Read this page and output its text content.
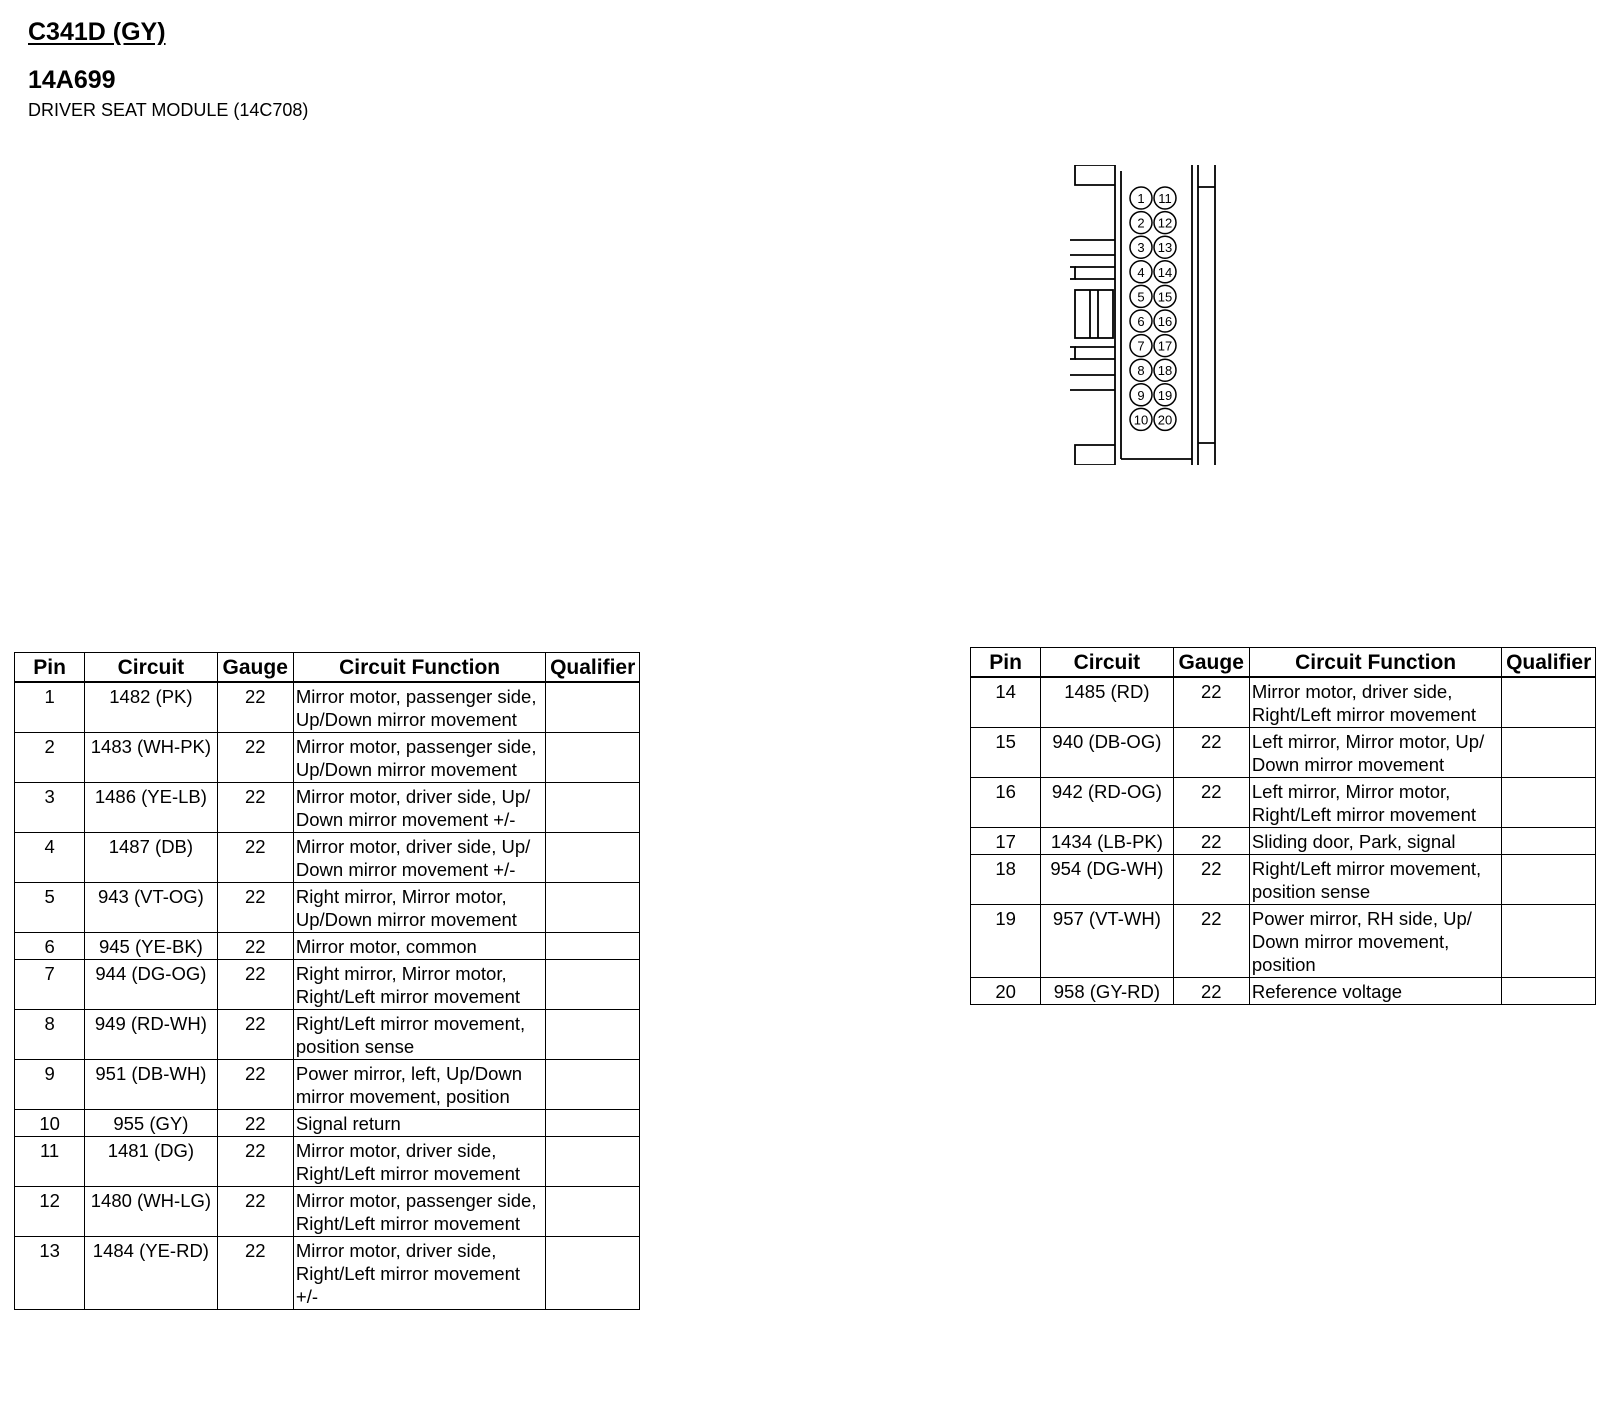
C341D (GY)
14A699
DRIVER SEAT MODULE (14C708)
1
2
3
4
5
6
7
8
9
10
11
12
13
14
15
16
17
18
19
20
Pin	Circuit	Gauge	Circuit Function	Qualifier
1	1482 (PK)	22	Mirror motor, passenger side, Up/Down mirror movement	
2	1483 (WH-PK)	22	Mirror motor, passenger side, Up/Down mirror movement	
3	1486 (YE-LB)	22	Mirror motor, driver side, Up/ Down mirror movement +/-	
4	1487 (DB)	22	Mirror motor, driver side, Up/ Down mirror movement +/-	
5	943 (VT-OG)	22	Right mirror, Mirror motor, Up/Down mirror movement	
6	945 (YE-BK)	22	Mirror motor, common	
7	944 (DG-OG)	22	Right mirror, Mirror motor, Right/Left mirror movement	
8	949 (RD-WH)	22	Right/Left mirror movement, position sense	
9	951 (DB-WH)	22	Power mirror, left, Up/Down mirror movement, position	
10	955 (GY)	22	Signal return	
11	1481 (DG)	22	Mirror motor, driver side, Right/Left mirror movement	
12	1480 (WH-LG)	22	Mirror motor, passenger side, Right/Left mirror movement	
13	1484 (YE-RD)	22	Mirror motor, driver side, Right/Left mirror movement +/-	
Pin	Circuit	Gauge	Circuit Function	Qualifier
14	1485 (RD)	22	Mirror motor, driver side, Right/Left mirror movement	
15	940 (DB-OG)	22	Left mirror, Mirror motor, Up/ Down mirror movement	
16	942 (RD-OG)	22	Left mirror, Mirror motor, Right/Left mirror movement	
17	1434 (LB-PK)	22	Sliding door, Park, signal	
18	954 (DG-WH)	22	Right/Left mirror movement, position sense	
19	957 (VT-WH)	22	Power mirror, RH side, Up/ Down mirror movement, position	
20	958 (GY-RD)	22	Reference voltage	
